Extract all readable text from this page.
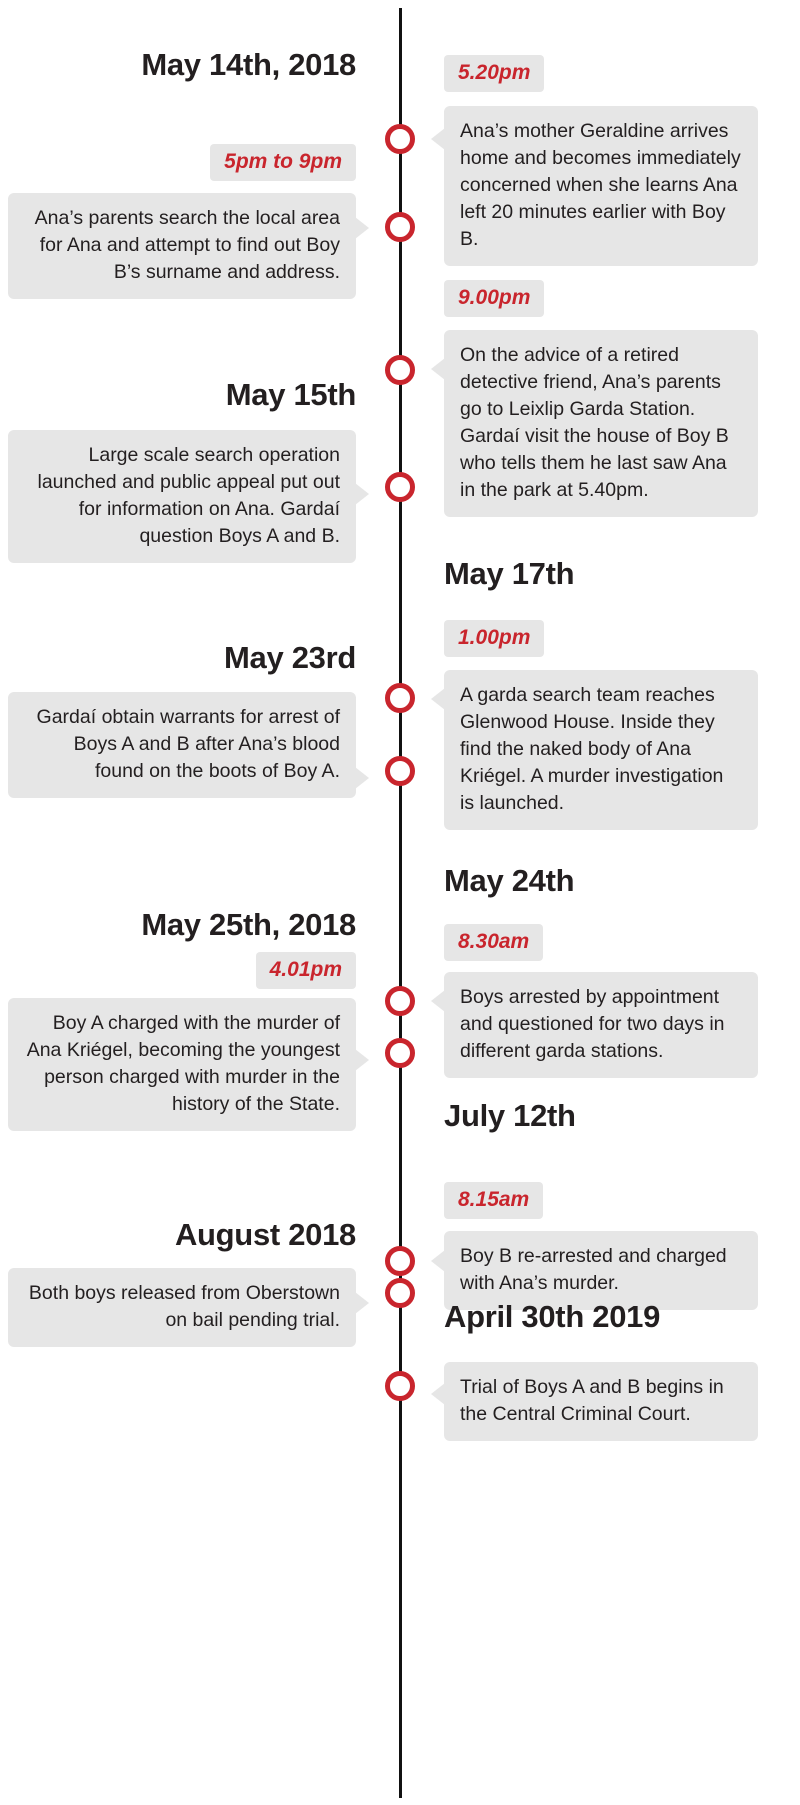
May 14th, 2018	5.20pm
Ana’s mother Geraldine arrives home and becomes immediately concerned when she learns Ana left 20 minutes earlier with Boy B.
5pm to 9pm
Ana’s parents search the local area for Ana and attempt to find out Boy B’s surname and address.
9.00pm
On the advice of a retired detective friend, Ana’s parents go to Leixlip Garda Station. Gardaí visit the house of Boy B who tells them he last saw Ana in the park at 5.40pm.
May 15th
Large scale search operation launched and public appeal put out for information on Ana. Gardaí question Boys A and B.
May 17th
1.00pm
A garda search team reaches Glenwood House. Inside they find the naked body of Ana Kriégel. A murder investigation is launched.
May 23rd
Gardaí obtain warrants for arrest of Boys A and B after Ana’s blood found on the boots of Boy A.
May 24th
8.30am
Boys arrested by appointment and questioned for two days in different garda stations.
May 25th, 2018
4.01pm
Boy A charged with the murder of Ana Kriégel, becoming the youngest person charged with murder in the history of the State.	July 12th
8.15am
Boy B re-arrested and charged with Ana’s murder.
August 2018
Both boys released from Oberstown on bail pending trial.	April 30th 2019
Trial of Boys A and B begins in the Central Criminal Court.
